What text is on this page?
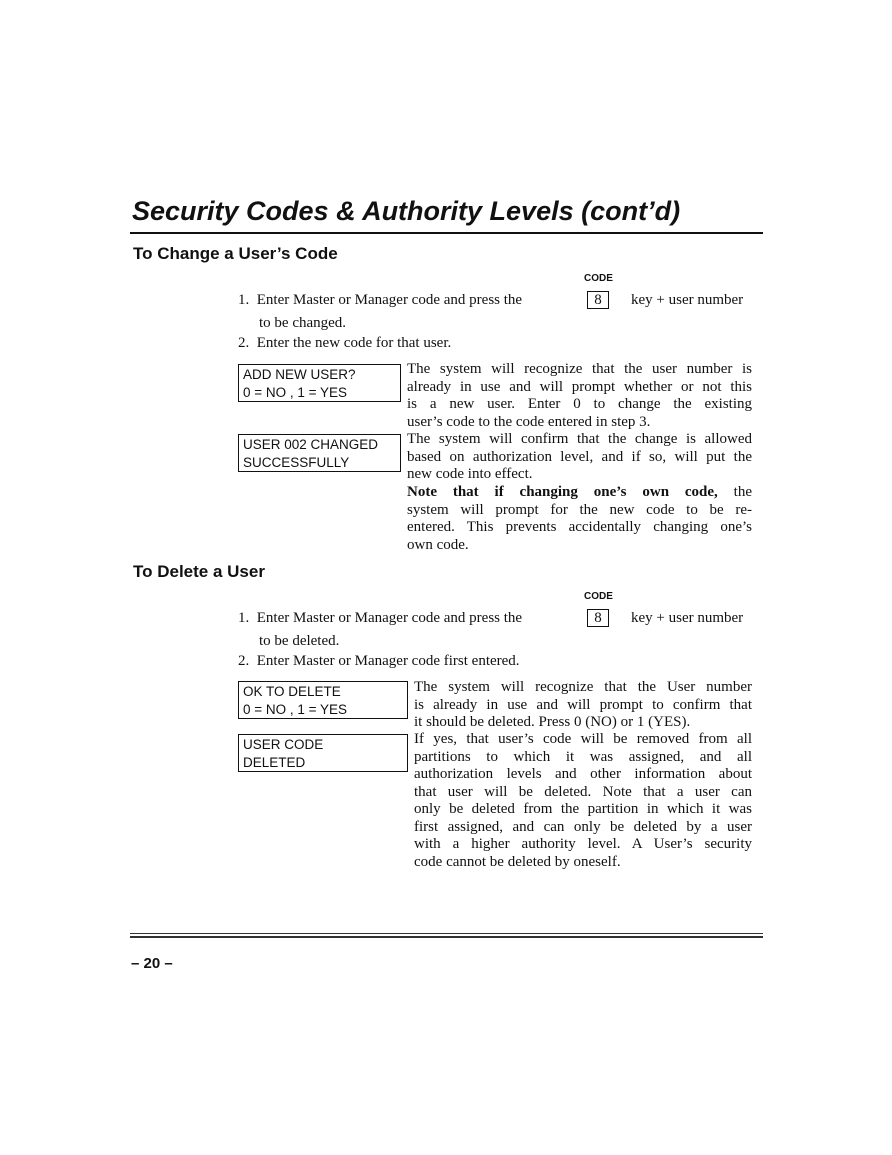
Security Codes & Authority Levels (cont’d)
To Change a User’s Code
CODE
1.  Enter Master or Manager code and press the	8	key + user number
to be changed.
2.  Enter the new code for that user.
ADD NEW USER?
0 = NO , 1 = YES
USER 002 CHANGED
SUCCESSFULLY
The system will recognize that the user number is
already in use and will prompt whether or not this
is a new user. Enter 0 to change the existing
user’s code to the code entered in step 3.
The system will confirm that the change is allowed
based on authorization level, and if so, will put the
new code into effect.
Note that if changing one’s own code, the
system will prompt for the new code to be re-
entered. This prevents accidentally changing one’s
own code.
To Delete a User
CODE
1.  Enter Master or Manager code and press the	8	key + user number
to be deleted.
2.  Enter Master or Manager code first entered.
OK TO DELETE
0 = NO , 1 = YES
USER CODE
DELETED
The system will recognize that the User number
is already in use and will prompt to confirm that
it should be deleted. Press 0 (NO) or 1 (YES).
If yes, that user’s code will be removed from all
partitions to which it was assigned, and all
authorization levels and other information about
that user will be deleted. Note that a user can
only be deleted from the partition in which it was
first assigned, and can only be deleted by a user
with a higher authority level. A User’s security
code cannot be deleted by oneself.
– 20 –
